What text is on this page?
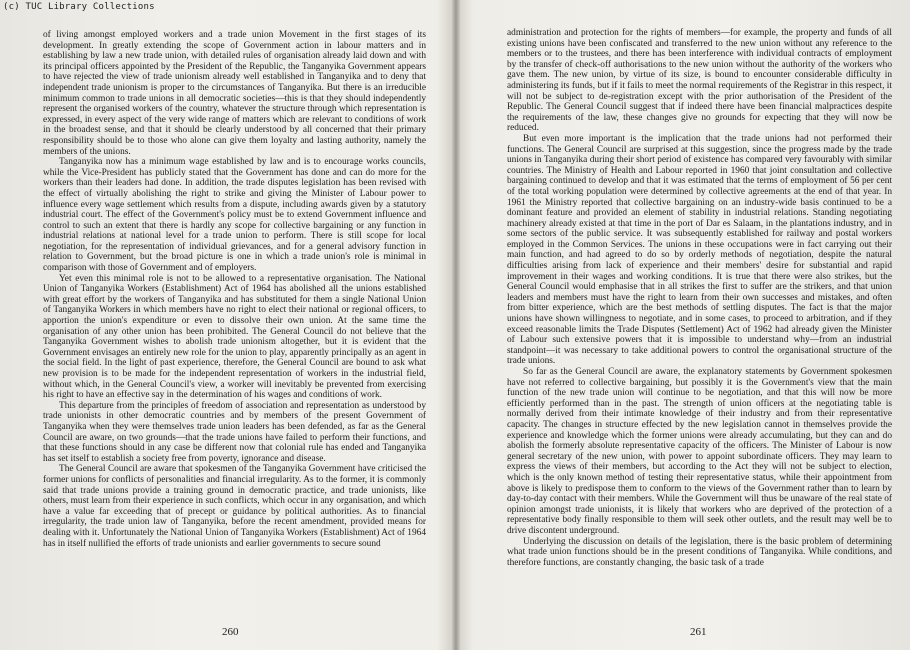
(c) TUC Library Collections

of living amongst employed workers and a trade union Movement in the first stages of its development. In greatly extending the scope of Government action in labour matters and in establishing by law a new trade union, with detailed rules of organisation already laid down and with its principal officers appointed by the President of the Republic, the Tanganyika Government appears to have rejected the view of trade unionism already well established in Tanganyika and to deny that independent trade unionism is proper to the circumstances of Tanganyika. But there is an irreducible minimum common to trade unions in all democratic societies—this is that they should independently represent the organised workers of the country, whatever the structure through which representation is expressed, in every aspect of the very wide range of matters which are relevant to conditions of work in the broadest sense, and that it should be clearly understood by all concerned that their primary responsibility should be to those who alone can give them loyalty and lasting authority, namely the members of the unions.

Tanganyika now has a minimum wage established by law and is to encourage works councils, while the Vice-President has publicly stated that the Government has done and can do more for the workers than their leaders had done. In addition, the trade disputes legislation has been revised with the effect of virtually abolishing the right to strike and giving the Minister of Labour power to influence every wage settlement which results from a dispute, including awards given by a statutory industrial court. The effect of the Government's policy must be to extend Government influence and control to such an extent that there is hardly any scope for collective bargaining or any function in industrial relations at national level for a trade union to perform. There is still scope for local negotiation, for the representation of individual grievances, and for a general advisory function in relation to Government, but the broad picture is one in which a trade union's role is minimal in comparison with those of Government and of employers.

Yet even this minimal role is not to be allowed to a representative organisation. The National Union of Tanganyika Workers (Establishment) Act of 1964 has abolished all the unions established with great effort by the workers of Tanganyika and has substituted for them a single National Union of Tanganyika Workers in which members have no right to elect their national or regional officers, to apportion the union's expenditure or even to dissolve their own union. At the same time the organisation of any other union has been prohibited. The General Council do not believe that the Tanganyika Government wishes to abolish trade unionism altogether, but it is evident that the Government envisages an entirely new role for the union to play, apparently principally as an agent in the social field. In the light of past experience, therefore, the General Council are bound to ask what new provision is to be made for the independent representation of workers in the industrial field, without which, in the General Council's view, a worker will inevitably be prevented from exercising his right to have an effective say in the determination of his wages and conditions of work.

This departure from the principles of freedom of association and representation as understood by trade unionists in other democratic countries and by members of the present Government of Tanganyika when they were themselves trade union leaders has been defended, as far as the General Council are aware, on two grounds—that the trade unions have failed to perform their functions, and that these functions should in any case be different now that colonial rule has ended and Tanganyika has set itself to establish a society free from poverty, ignorance and disease.

The General Council are aware that spokesmen of the Tanganyika Government have criticised the former unions for conflicts of personalities and financial irregularity. As to the former, it is commonly said that trade unions provide a training ground in democratic practice, and trade unionists, like others, must learn from their experience in such conflicts, which occur in any organisation, and which have a value far exceeding that of precept or guidance by political authorities. As to financial irregularity, the trade union law of Tanganyika, before the recent amendment, provided means for dealing with it. Unfortunately the National Union of Tanganyika Workers (Establishment) Act of 1964 has in itself nullified the efforts of trade unionists and earlier governments to secure sound

administration and protection for the rights of members—for example, the property and funds of all existing unions have been confiscated and transferred to the new union without any reference to the members or to the trustees, and there has been interference with individual contracts of employment by the transfer of check-off authorisations to the new union without the authority of the workers who gave them. The new union, by virtue of its size, is bound to encounter considerable difficulty in administering its funds, but if it fails to meet the normal requirements of the Registrar in this respect, it will not be subject to de-registration except with the prior authorisation of the President of the Republic. The General Council suggest that if indeed there have been financial malpractices despite the requirements of the law, these changes give no grounds for expecting that they will now be reduced.

But even more important is the implication that the trade unions had not performed their functions. The General Council are surprised at this suggestion, since the progress made by the trade unions in Tanganyika during their short period of existence has compared very favourably with similar countries. The Ministry of Health and Labour reported in 1960 that joint consultation and collective bargaining continued to develop and that it was estimated that the terms of employment of 56 per cent of the total working population were determined by collective agreements at the end of that year. In 1961 the Ministry reported that collective bargaining on an industry-wide basis continued to be a dominant feature and provided an element of stability in industrial relations. Standing negotiating machinery already existed at that time in the port of Dar es Salaam, in the plantations industry, and in some sectors of the public service. It was subsequently established for railway and postal workers employed in the Common Services. The unions in these occupations were in fact carrying out their main function, and had agreed to do so by orderly methods of negotiation, despite the natural difficulties arising from lack of experience and their members' desire for substantial and rapid improvement in their wages and working conditions. It is true that there were also strikes, but the General Council would emphasise that in all strikes the first to suffer are the strikers, and that union leaders and members must have the right to learn from their own successes and mistakes, and often from bitter experience, which are the best methods of settling disputes. The fact is that the major unions have shown willingness to negotiate, and in some cases, to proceed to arbitration, and if they exceed reasonable limits the Trade Disputes (Settlement) Act of 1962 had already given the Minister of Labour such extensive powers that it is impossible to understand why—from an industrial standpoint—it was necessary to take additional powers to control the organisational structure of the trade unions.

So far as the General Council are aware, the explanatory statements by Government spokesmen have not referred to collective bargaining, but possibly it is the Government's view that the main function of the new trade union will continue to be negotiation, and that this will now be more efficiently performed than in the past. The strength of union officers at the negotiating table is normally derived from their intimate knowledge of their industry and from their representative capacity. The changes in structure effected by the new legislation cannot in themselves provide the experience and knowledge which the former unions were already accumulating, but they can and do abolish the formerly absolute representative capacity of the officers. The Minister of Labour is now general secretary of the new union, with power to appoint subordinate officers. They may learn to express the views of their members, but according to the Act they will not be subject to election, which is the only known method of testing their representative status, while their appointment from above is likely to predispose them to conform to the views of the Government rather than to learn by day-to-day contact with their members. While the Government will thus be unaware of the real state of opinion amongst trade unionists, it is likely that workers who are deprived of the protection of a representative body finally responsible to them will seek other outlets, and the result may well be to drive discontent underground.

Underlying the discussion on details of the legislation, there is the basic problem of determining what trade union functions should be in the present conditions of Tanganyika. While conditions, and therefore functions, are constantly changing, the basic task of a trade

260	261
